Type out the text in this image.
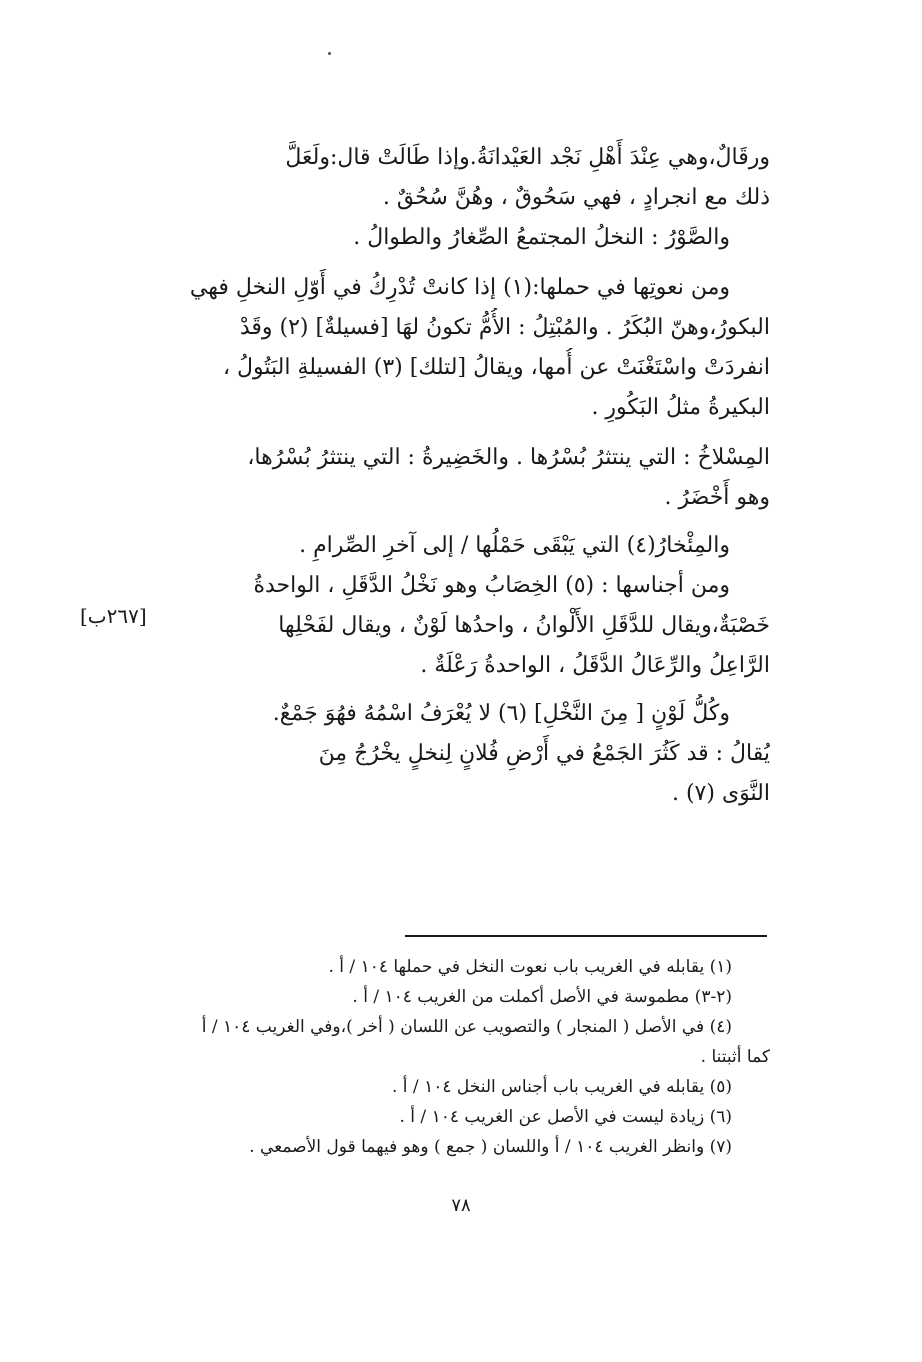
ورقَالٌ،وهي عِنْدَ أَهْلِ نَجْد العَيْدانَةُ.وإذا طَالَتْ قال:ولَعَلَّ
ذلك مع انجرادٍ ، فهي سَحُوقٌ ، وهُنَّ سُحُقٌ .
والصَّوْرُ : النخلُ المجتمعُ الصِّغارُ والطوالُ .
ومن نعوتِها في حملها:(١) إذا كانتْ تُدْرِكُ في أَوّلِ النخلِ فهي
البكورُ،وهنّ البُكَرُ . والمُبْتِلُ : الأُمُّ تكونُ لهَا [فسيلةٌ] (٢) وقَدْ
انفردَتْ واسْتَغْنَتْ عن أُمها، ويقالُ [لتلك] (٣) الفسيلةِ البَتُولُ ،
البكيرةُ مثلُ البَكُورِ .
المِسْلاخُ : التي ينتثرُ بُسْرُها . والخَضِيرةُ : التي ينتثرُ بُسْرُها،
وهو أَخْضَرُ .
والمِئْخارُ(٤) التي يَبْقَى حَمْلُها / إلى آخرِ الصِّرامِ .
ومن أجناسها : (٥) الخِصَابُ وهو نَخْلُ الدَّقَلِ ، الواحدةُ
خَصْبَةٌ،ويقال للدَّقَلِ الأَلْوانُ ، واحدُها لَوْنٌ ، ويقال لفَحْلِها
الرَّاعِلُ والرِّعَالُ الدَّقَلُ ، الواحدةُ رَعْلَةٌ .
وكُلُّ لَوْنٍ [ مِنَ النَّخْلِ] (٦) لا يُعْرَفُ اسْمُهُ فهُوَ جَمْعٌ.
يُقالُ : قد كَثُرَ الجَمْعُ في أَرْضِ فُلانٍ لِنخلٍ يخْرُجُ مِنَ
النَّوَى (٧) .
[٢٦٧ب]
(١) يقابله في الغريب باب نعوت النخل في حملها ١٠٤ / أ .
(٢-٣) مطموسة في الأصل أكملت من الغريب ١٠٤ / أ .
(٤) في الأصل ( المنجار ) والتصويب عن اللسان ( أخر )،وفي الغريب ١٠٤ / أ
كما أثبتنا .
(٥) يقابله في الغريب باب أجناس النخل ١٠٤ / أ .
(٦) زيادة ليست في الأصل عن الغريب ١٠٤ / أ .
(٧) وانظر الغريب ١٠٤ / أ واللسان ( جمع ) وهو فيهما قول الأصمعي .
٧٨
